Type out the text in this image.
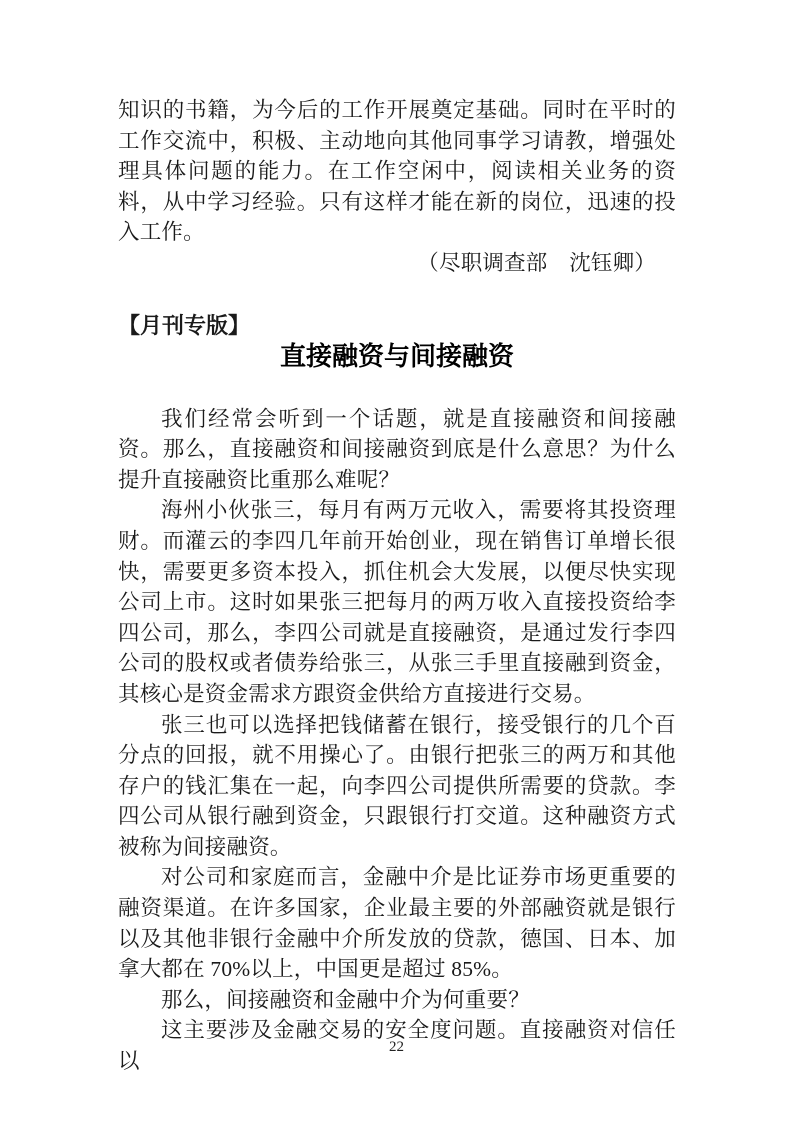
知识的书籍，为今后的工作开展奠定基础。同时在平时的工作交流中，积极、主动地向其他同事学习请教，增强处理具体问题的能力。在工作空闲中，阅读相关业务的资料，从中学习经验。只有这样才能在新的岗位，迅速的投入工作。

（尽职调查部　沈钰卿）

【月刊专版】
直接融资与间接融资

我们经常会听到一个话题，就是直接融资和间接融资。那么，直接融资和间接融资到底是什么意思？为什么提升直接融资比重那么难呢？

海州小伙张三，每月有两万元收入，需要将其投资理财。而灌云的李四几年前开始创业，现在销售订单增长很快，需要更多资本投入，抓住机会大发展，以便尽快实现公司上市。这时如果张三把每月的两万收入直接投资给李四公司，那么，李四公司就是直接融资，是通过发行李四公司的股权或者债券给张三，从张三手里直接融到资金，其核心是资金需求方跟资金供给方直接进行交易。

张三也可以选择把钱储蓄在银行，接受银行的几个百分点的回报，就不用操心了。由银行把张三的两万和其他存户的钱汇集在一起，向李四公司提供所需要的贷款。李四公司从银行融到资金，只跟银行打交道。这种融资方式被称为间接融资。

对公司和家庭而言，金融中介是比证券市场更重要的融资渠道。在许多国家，企业最主要的外部融资就是银行以及其他非银行金融中介所发放的贷款，德国、日本、加拿大都在 70%以上，中国更是超过 85%。

那么，间接融资和金融中介为何重要？

这主要涉及金融交易的安全度问题。直接融资对信任以

22
